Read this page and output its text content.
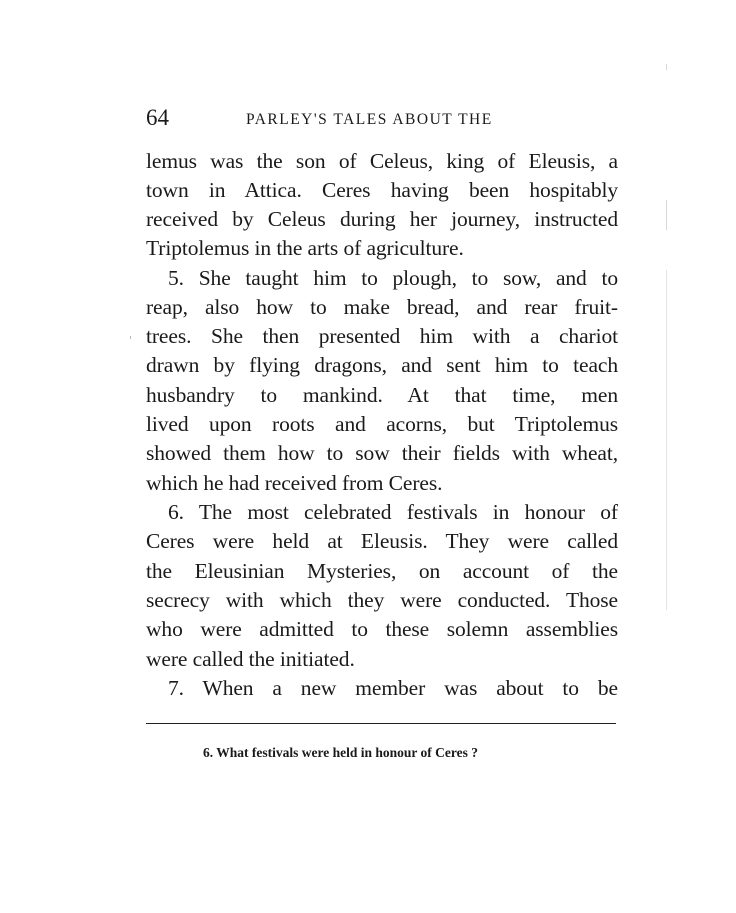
64	PARLEY'S TALES ABOUT THE
lemus was the son of Celeus, king of Eleusis, a
town in Attica. Ceres having been hospitably
received by Celeus during her journey, instructed
Triptolemus in the arts of agriculture.
5. She taught him to plough, to sow, and to
reap, also how to make bread, and rear fruit-
trees. She then presented him with a chariot
drawn by flying dragons, and sent him to teach
husbandry to mankind. At that time, men
lived upon roots and acorns, but Triptolemus
showed them how to sow their fields with wheat,
which he had received from Ceres.
6. The most celebrated festivals in honour of
Ceres were held at Eleusis. They were called
the Eleusinian Mysteries, on account of the
secrecy with which they were conducted. Those
who were admitted to these solemn assemblies
were called the initiated.
7. When a new member was about to be
6. What festivals were held in honour of Ceres ?
